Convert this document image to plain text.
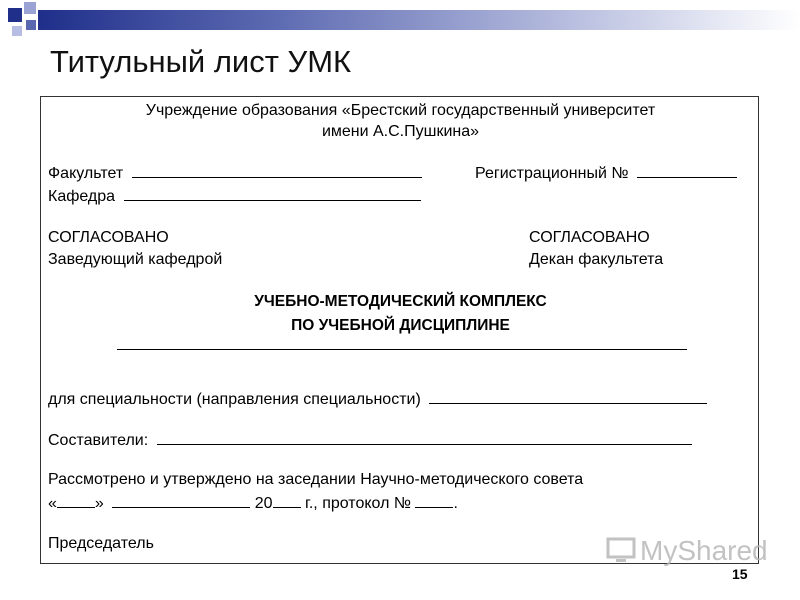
Титульный лист УМК
Учреждение образования «Брестский государственный университет
имени А.С.Пушкина»
Факультет	Регистрационный №
Кафедра
СОГЛАСОВАНО	СОГЛАСОВАНО
Заведующий кафедрой	Декан факультета
УЧЕБНО-МЕТОДИЧЕСКИЙ КОМПЛЕКС
ПО УЧЕБНОЙ ДИСЦИПЛИНЕ
для специальности (направления специальности)
Составители:
Рассмотрено и утверждено на заседании Научно-методического совета
« »	20 г., протокол №	.
Председатель	MyShared
15
